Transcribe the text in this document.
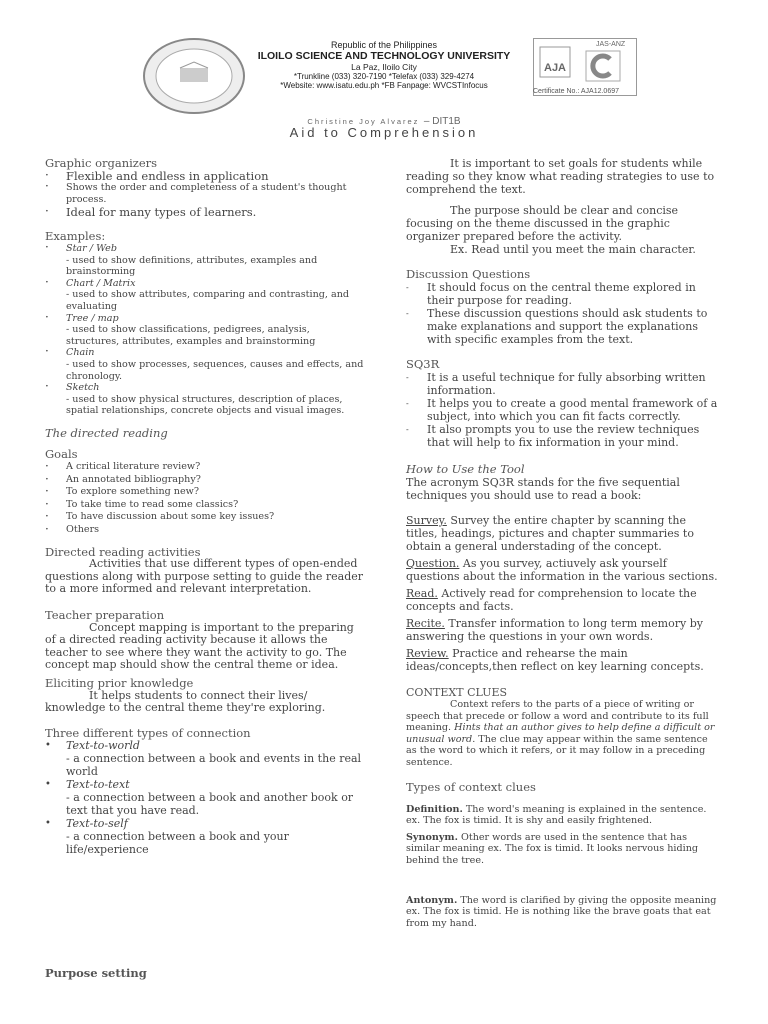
Republic of the Philippines
ILOILO SCIENCE AND TECHNOLOGY UNIVERSITY
La Paz, Iloilo City
*Trunkline (033) 320-7190 *Telefax (033) 329-4274
*Website: www.isatu.edu.ph *FB Fanpage: WVCSTInfocus
JAS-ANZ
AJA
Certificate No.: AJA12.0697
Christine Joy Alvarez – DIT1B
Aid to Comprehension

Graphic organizers

· Flexible and endless in application
· Shows the order and completeness of a student's thought process.
· Ideal for many types of learners.

Examples:

· Star / Web
- used to show definitions, attributes, examples and brainstorming
· Chart / Matrix
- used to show attributes, comparing and contrasting, and evaluating
· Tree / map
- used to show classifications, pedigrees, analysis, structures, attributes, examples and brainstorming
· Chain
- used to show processes, sequences, causes and effects, and chronology.
· Sketch
- used to show physical structures, description of places, spatial relationships, concrete objects and visual images.

The directed reading

Goals

· A critical literature review?
· An annotated bibliography?
· To explore something new?
· To take time to read some classics?
· To have discussion about some key issues?
· Others

Directed reading activities

Activities that use different types of open-ended questions along with purpose setting to guide the reader to a more informed and relevant interpretation.

Teacher preparation

Concept mapping is important to the preparing of a directed reading activity because it allows the teacher to see where they want the activity to go. The concept map should show the central theme or idea.

Eliciting prior knowledge

It helps students to connect their lives/ knowledge to the central theme they're exploring.

Three different types of connection

• Text-to-world
- a connection between a book and events in the real world
• Text-to-text
- a connection between a book and another book or text that you have read.
• Text-to-self
- a connection between a book and your life/experience

Purpose setting

It is important to set goals for students while reading so they know what reading strategies to use to comprehend the text.

The purpose should be clear and concise focusing on the theme discussed in the graphic organizer prepared before the activity.

Ex. Read until you meet the main character.

Discussion Questions

- It should focus on the central theme explored in their purpose for reading.
- These discussion questions should ask students to make explanations and support the explanations with specific examples from the text.

SQ3R

- It is a useful technique for fully absorbing written information.
- It helps you to create a good mental framework of a subject, into which you can fit facts correctly.
- It also prompts you to use the review techniques that will help to fix information in your mind.

How to Use the Tool

The acronym SQ3R stands for the five sequential techniques you should use to read a book:

Survey. Survey the entire chapter by scanning the titles, headings, pictures and chapter summaries to obtain a general understading of the concept.

Question. As you survey, actiuvely ask yourself questions about the information in the various sections.

Read. Actively read for comprehension to locate the concepts and facts.

Recite. Transfer information to long term memory by answering the questions in your own words.

Review. Practice and rehearse the main ideas/concepts,then reflect on key learning concepts.

CONTEXT CLUES

Context refers to the parts of a piece of writing or speech that precede or follow a word and contribute to its full meaning. Hints that an author gives to help define a difficult or unusual word. The clue may appear within the same sentence as the word to which it refers, or it may follow in a preceding sentence.

Types of context clues

Definition. The word's meaning is explained in the sentence. ex. The fox is timid. It is shy and easily frightened.

Synonym. Other words are used in the sentence that has similar meaning ex. The fox is timid. It looks nervous hiding behind the tree.

Antonym. The word is clarified by giving the opposite meaning ex. The fox is timid. He is nothing like the brave goats that eat from my hand.
